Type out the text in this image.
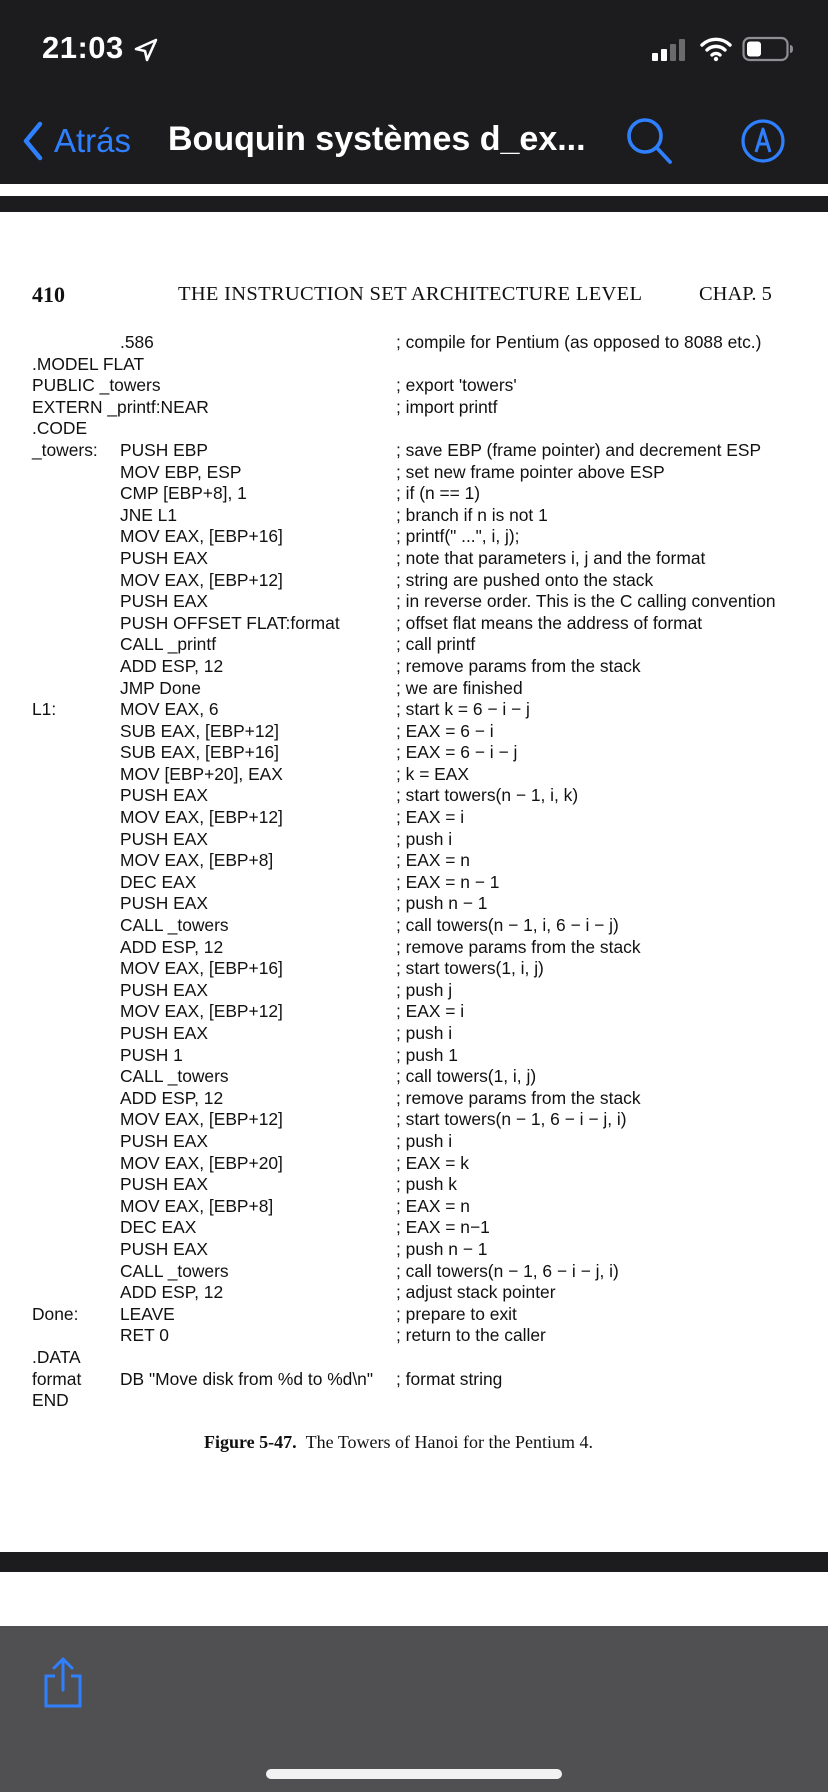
21:03
Atrás Bouquin systèmes d_ex...
410	THE INSTRUCTION SET ARCHITECTURE LEVEL	CHAP. 5
.586	; compile for Pentium (as opposed to 8088 etc.)
.MODEL FLAT
PUBLIC _towers	; export 'towers'
EXTERN _printf:NEAR	; import printf
.CODE
_towers: PUSH EBP	; save EBP (frame pointer) and decrement ESP
MOV EBP, ESP	; set new frame pointer above ESP
CMP [EBP+8], 1	; if (n == 1)
JNE L1	; branch if n is not 1
MOV EAX, [EBP+16]	; printf(" ...", i, j);
PUSH EAX	; note that parameters i, j and the format
MOV EAX, [EBP+12]	; string are pushed onto the stack
PUSH EAX	; in reverse order. This is the C calling convention
PUSH OFFSET FLAT:format	; offset flat means the address of format
CALL _printf	; call printf
ADD ESP, 12	; remove params from the stack
JMP Done	; we are finished
L1:	MOV EAX, 6	; start k = 6 − i − j
SUB EAX, [EBP+12]	; EAX = 6 − i
SUB EAX, [EBP+16]	; EAX = 6 − i − j
MOV [EBP+20], EAX	; k = EAX
PUSH EAX	; start towers(n − 1, i, k)
MOV EAX, [EBP+12]	; EAX = i
PUSH EAX	; push i
MOV EAX, [EBP+8]	; EAX = n
DEC EAX	; EAX = n − 1
PUSH EAX	; push n − 1
CALL _towers	; call towers(n − 1, i, 6 − i − j)
ADD ESP, 12	; remove params from the stack
MOV EAX, [EBP+16]	; start towers(1, i, j)
PUSH EAX	; push j
MOV EAX, [EBP+12]	; EAX = i
PUSH EAX	; push i
PUSH 1	; push 1
CALL _towers	; call towers(1, i, j)
ADD ESP, 12	; remove params from the stack
MOV EAX, [EBP+12]	; start towers(n − 1, 6 − i − j, i)
PUSH EAX	; push i
MOV EAX, [EBP+20]	; EAX = k
PUSH EAX	; push k
MOV EAX, [EBP+8]	; EAX = n
DEC EAX	; EAX = n−1
PUSH EAX	; push n − 1
CALL _towers	; call towers(n − 1, 6 − i − j, i)
ADD ESP, 12	; adjust stack pointer
Done: LEAVE	; prepare to exit
RET 0	; return to the caller
.DATA
format DB "Move disk from %d to %d\n" ; format string
END
Figure 5-47. The Towers of Hanoi for the Pentium 4.
